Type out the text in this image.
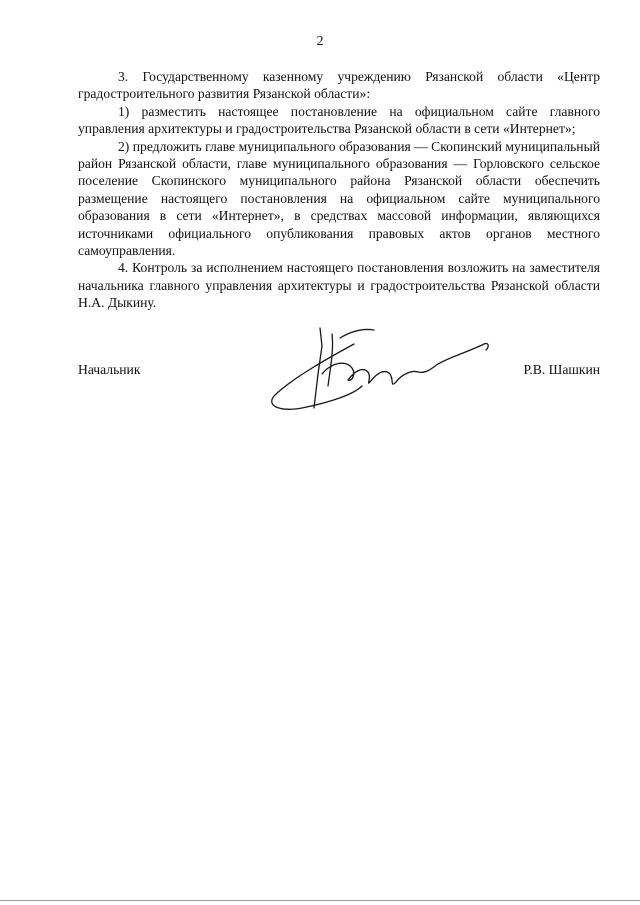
2

3. Государственному казенному учреждению Рязанской области «Центр градостроительного развития Рязанской области»:

1) разместить настоящее постановление на официальном сайте главного управления архитектуры и градостроительства Рязанской области в сети «Интернет»;

2) предложить главе муниципального образования — Скопинский муниципальный район Рязанской области, главе муниципального образования — Горловского сельское поселение Скопинского муниципального района Рязанской области обеспечить размещение настоящего постановления на официальном сайте муниципального образования в сети «Интернет», в средствах массовой информации, являющихся источниками официального опубликования правовых актов органов местного самоуправления.

4. Контроль за исполнением настоящего постановления возложить на заместителя начальника главного управления архитектуры и градостроительства Рязанской области Н.А. Дыкину.

Начальник	Р.В. Шашкин
